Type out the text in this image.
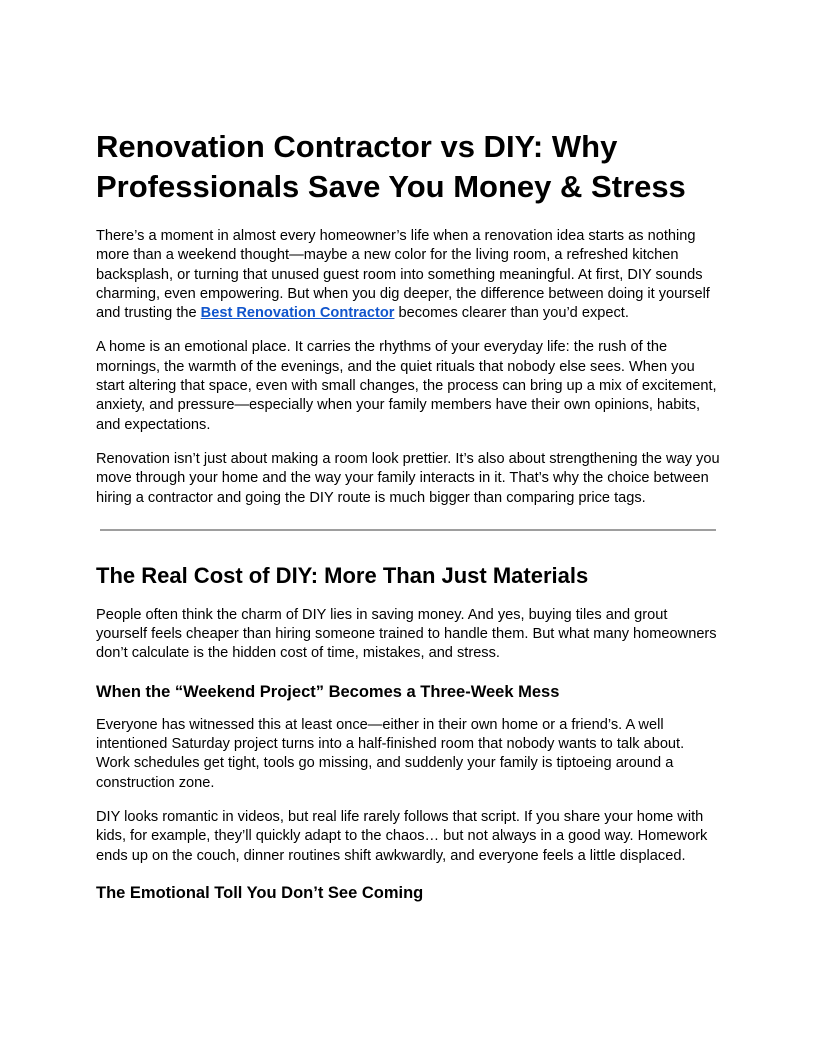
Renovation Contractor vs DIY: Why Professionals Save You Money & Stress

There’s a moment in almost every homeowner’s life when a renovation idea starts as nothing more than a weekend thought—maybe a new color for the living room, a refreshed kitchen backsplash, or turning that unused guest room into something meaningful. At first, DIY sounds charming, even empowering. But when you dig deeper, the difference between doing it yourself and trusting the Best Renovation Contractor becomes clearer than you’d expect.

A home is an emotional place. It carries the rhythms of your everyday life: the rush of the mornings, the warmth of the evenings, and the quiet rituals that nobody else sees. When you start altering that space, even with small changes, the process can bring up a mix of excitement, anxiety, and pressure—especially when your family members have their own opinions, habits, and expectations.

Renovation isn’t just about making a room look prettier. It’s also about strengthening the way you move through your home and the way your family interacts in it. That’s why the choice between hiring a contractor and going the DIY route is much bigger than comparing price tags.

The Real Cost of DIY: More Than Just Materials

People often think the charm of DIY lies in saving money. And yes, buying tiles and grout yourself feels cheaper than hiring someone trained to handle them. But what many homeowners don’t calculate is the hidden cost of time, mistakes, and stress.

When the “Weekend Project” Becomes a Three-Week Mess

Everyone has witnessed this at least once—either in their own home or a friend’s. A well intentioned Saturday project turns into a half-finished room that nobody wants to talk about. Work schedules get tight, tools go missing, and suddenly your family is tiptoeing around a construction zone.

DIY looks romantic in videos, but real life rarely follows that script. If you share your home with kids, for example, they’ll quickly adapt to the chaos… but not always in a good way. Homework ends up on the couch, dinner routines shift awkwardly, and everyone feels a little displaced.

The Emotional Toll You Don’t See Coming
